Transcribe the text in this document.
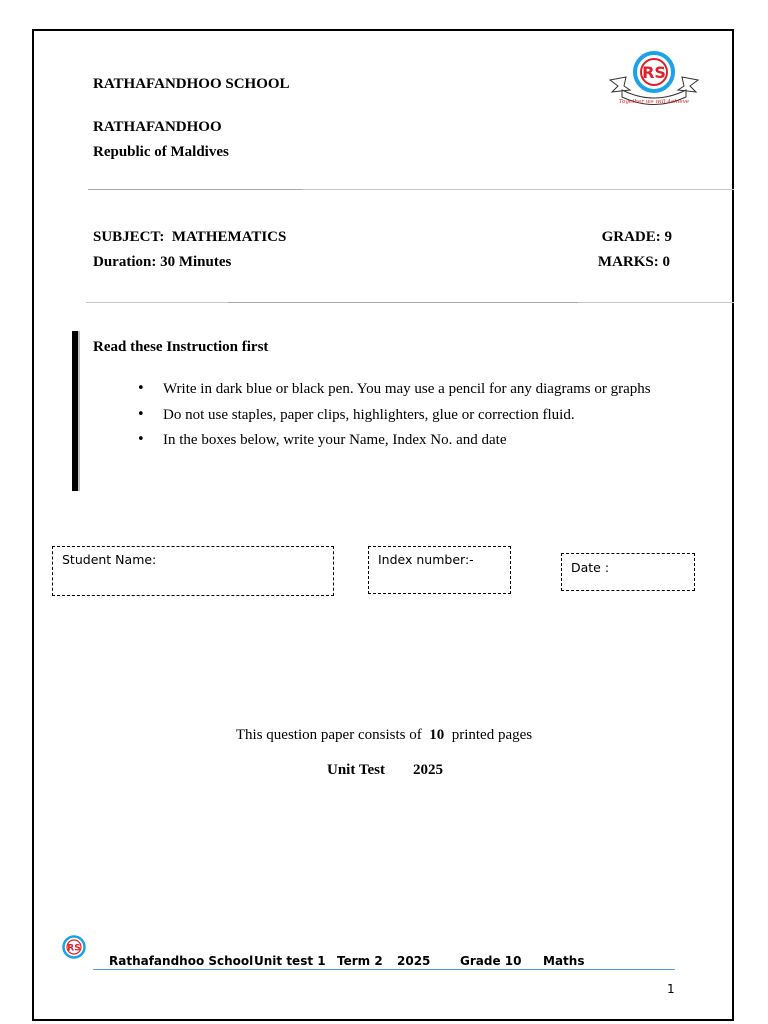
RATHAFANDHOO SCHOOL
RATHAFANDHOO
Republic of Maldives
RS
Together we will Achieve
SUBJECT: MATHEMATICS
Duration: 30 Minutes
GRADE: 9
MARKS: 0
Read these Instruction first
• Write in dark blue or black pen. You may use a pencil for any diagrams or graphs
• Do not use staples, paper clips, highlighters, glue or correction fluid.
• In the boxes below, write your Name, Index No. and date
Student Name:	Index number:-
Date :
This question paper consists of 10 printed pages
Unit Test 2025
RS
Rathafandhoo School Unit test 1 Term 2 2025 Grade 10 Maths
1
